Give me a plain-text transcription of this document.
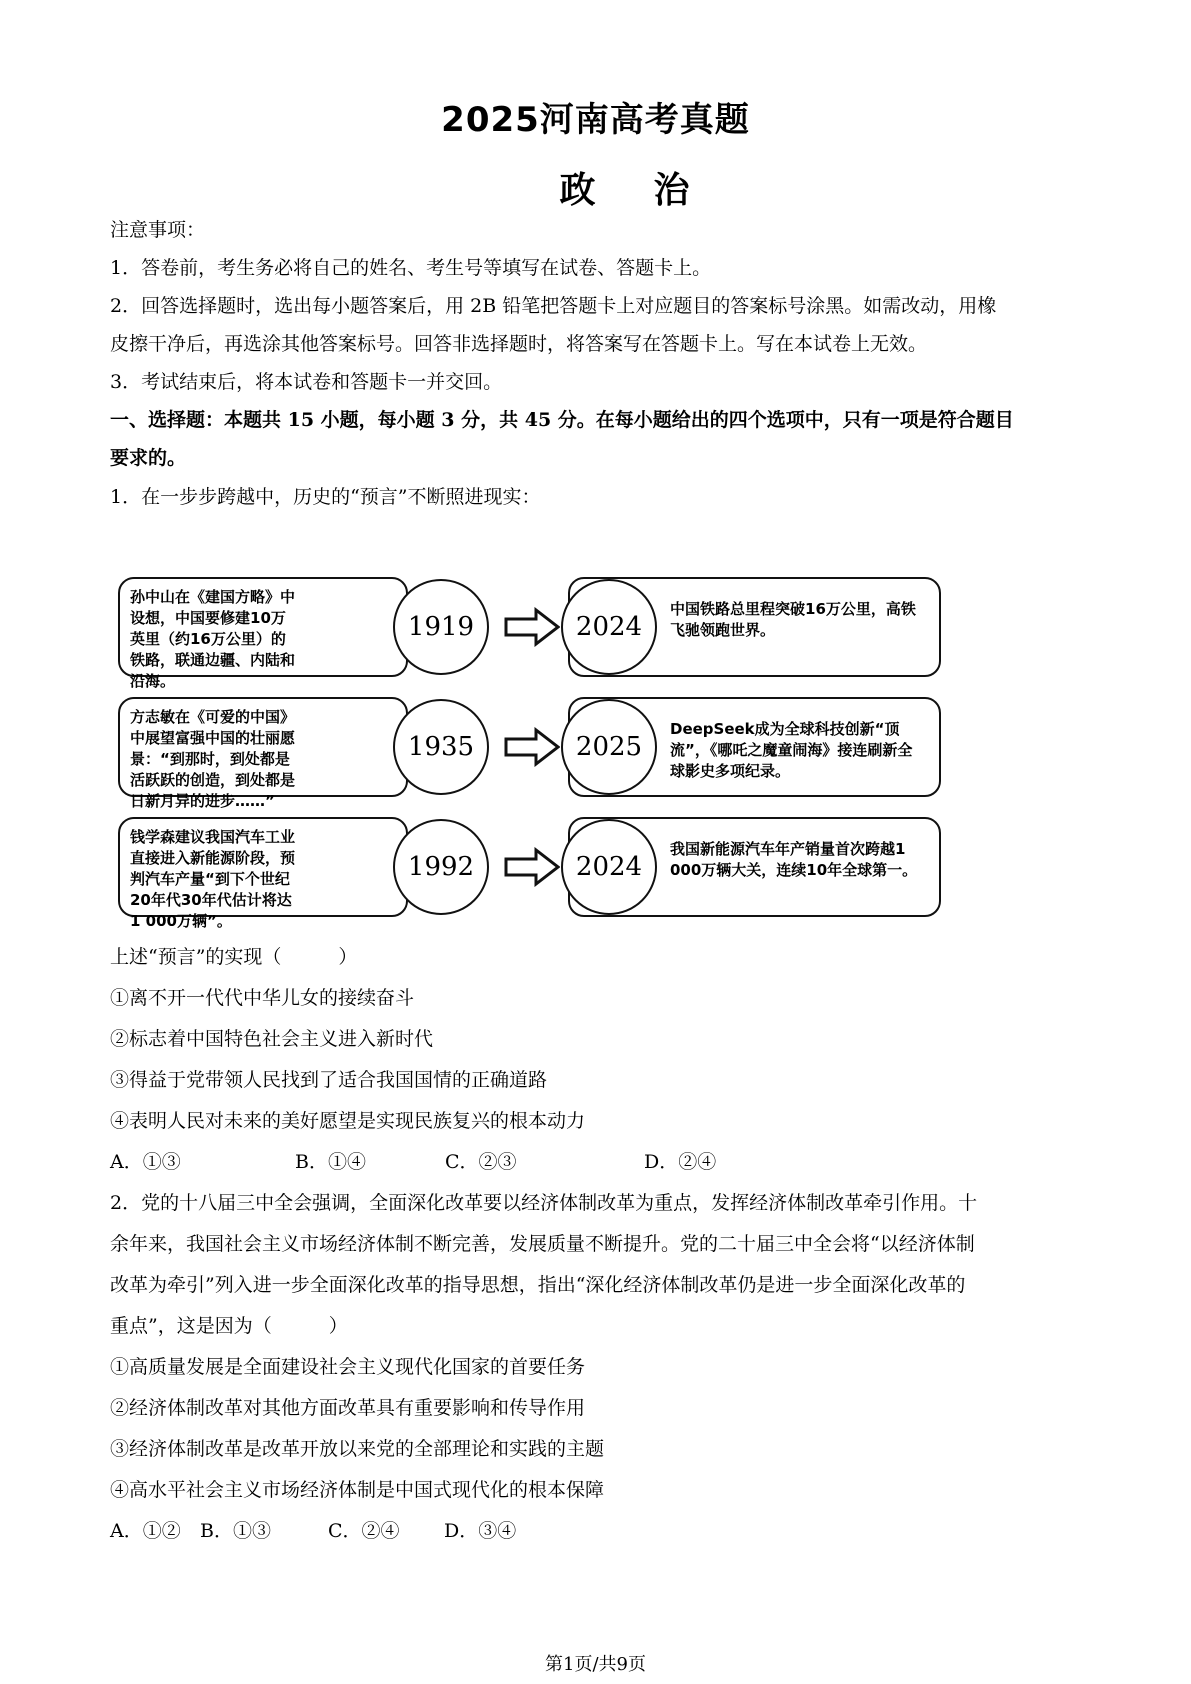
2025河南高考真题
政治
注意事项：
1．答卷前，考生务必将自己的姓名、考生号等填写在试卷、答题卡上。
2．回答选择题时，选出每小题答案后，用 2B 铅笔把答题卡上对应题目的答案标号涂黑。如需改动，用橡
皮擦干净后，再选涂其他答案标号。回答非选择题时，将答案写在答题卡上。写在本试卷上无效。
3．考试结束后，将本试卷和答题卡一并交回。
一、选择题：本题共 15 小题，每小题 3 分，共 45 分。在每小题给出的四个选项中，只有一项是符合题目
要求的。
1．在一步步跨越中，历史的“预言”不断照进现实：
孙中山在《建国方略》中设想，中国要修建10万英里（约16万公里）的铁路，联通边疆、内陆和沿海。
1919
中国铁路总里程突破16万公里，高铁飞驰领跑世界。
2024
方志敏在《可爱的中国》中展望富强中国的壮丽愿景：“到那时，到处都是活跃跃的创造，到处都是日新月异的进步……”
1935
DeepSeek成为全球科技创新“顶流”，《哪吒之魔童闹海》接连刷新全球影史多项纪录。
2025
钱学森建议我国汽车工业直接进入新能源阶段，预判汽车产量“到下个世纪20年代30年代估计将达1 000万辆”。
1992
我国新能源汽车年产销量首次跨越1 000万辆大关，连续10年全球第一。
2024
上述“预言”的实现（　　　）
①离不开一代代中华儿女的接续奋斗
②标志着中国特色社会主义进入新时代
③得益于党带领人民找到了适合我国国情的正确道路
④表明人民对未来的美好愿望是实现民族复兴的根本动力
A．①③	B．①④	C．②③	D．②④
2．党的十八届三中全会强调，全面深化改革要以经济体制改革为重点，发挥经济体制改革牵引作用。十
余年来，我国社会主义市场经济体制不断完善，发展质量不断提升。党的二十届三中全会将“以经济体制
改革为牵引”列入进一步全面深化改革的指导思想，指出“深化经济体制改革仍是进一步全面深化改革的
重点”，这是因为（　　　）
①高质量发展是全面建设社会主义现代化国家的首要任务
②经济体制改革对其他方面改革具有重要影响和传导作用
③经济体制改革是改革开放以来党的全部理论和实践的主题
④高水平社会主义市场经济体制是中国式现代化的根本保障
A．①② B．①③	C．②④ D．③④
第1页/共9页
